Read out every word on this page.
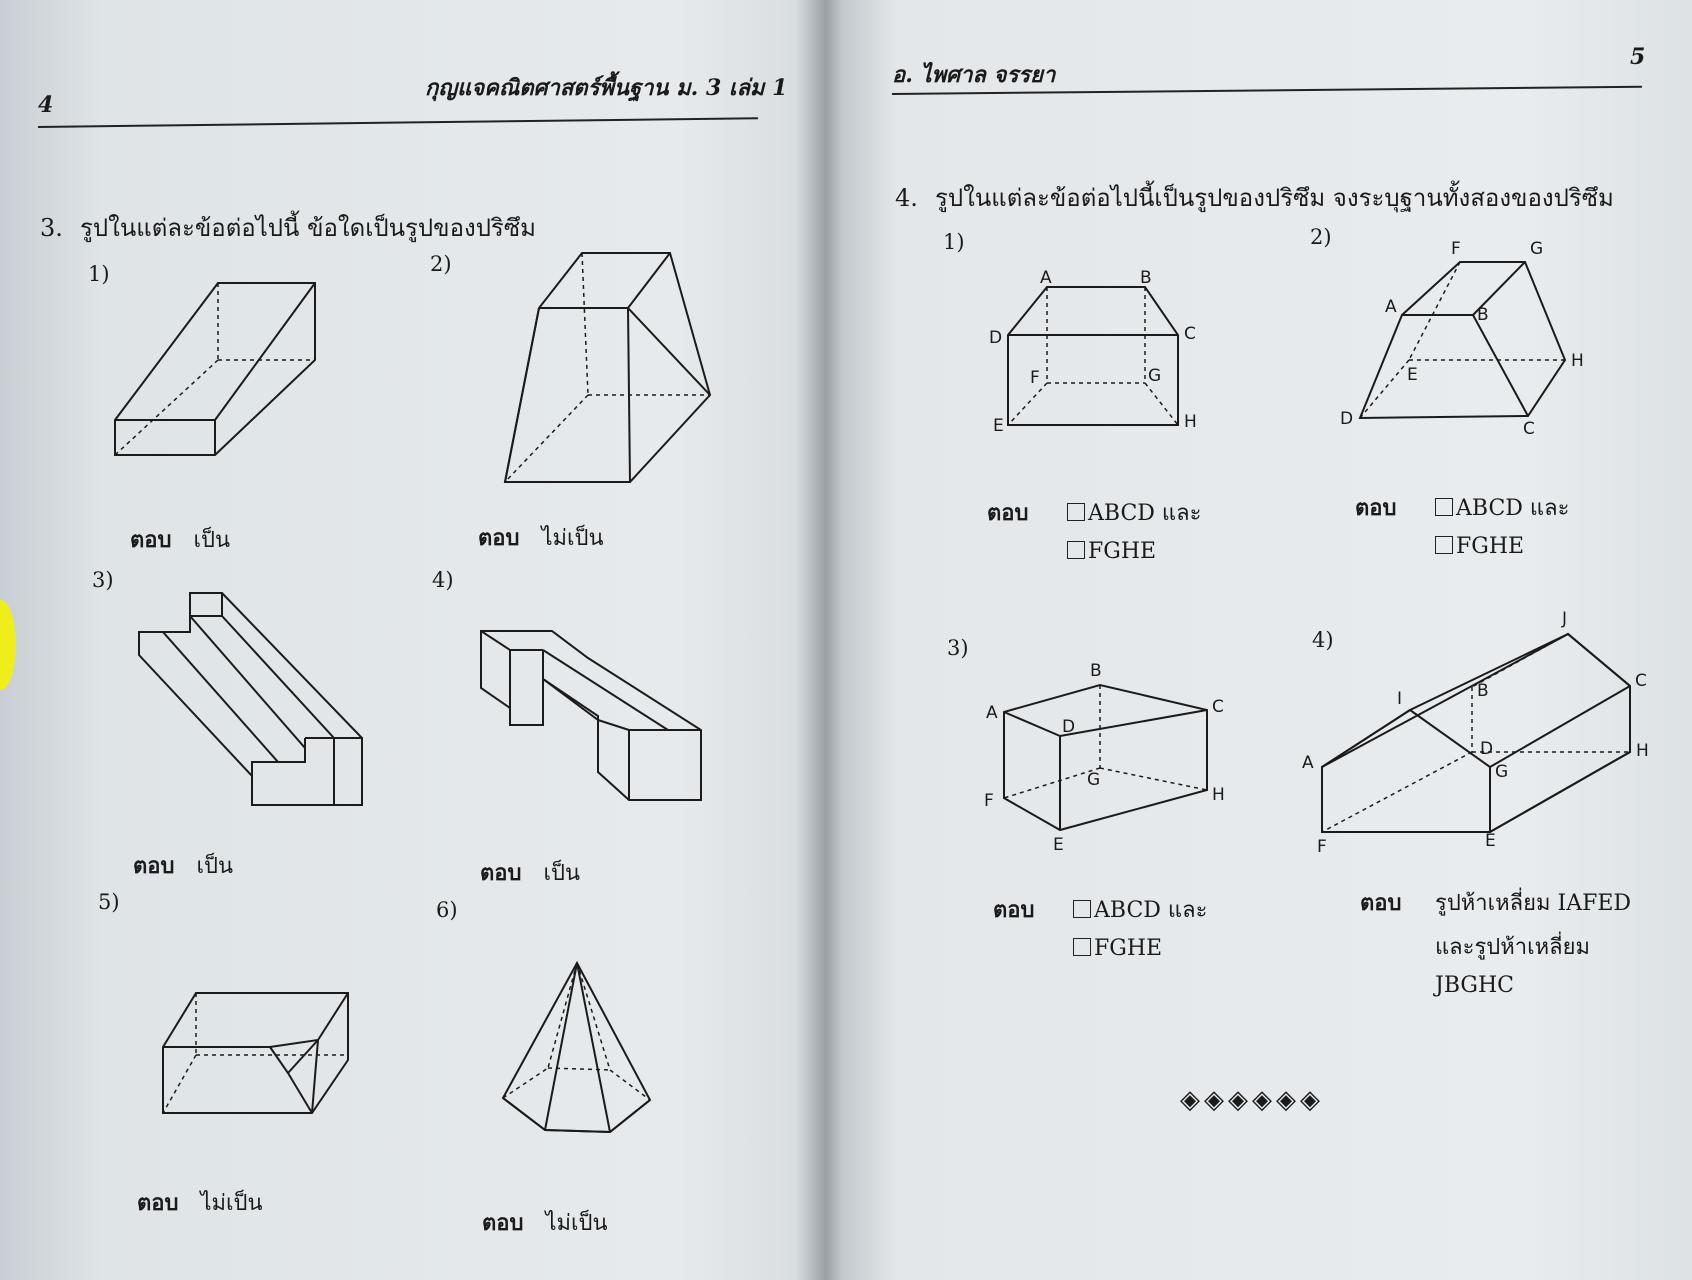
4
กุญแจคณิตศาสตร์พื้นฐาน ม. 3 เล่ม 1
3. รูปในแต่ละข้อต่อไปนี้ ข้อใดเป็นรูปของปริซึม
1)
ตอบ เป็น
2)
ตอบ ไม่เป็น
3)
ตอบ เป็น
4)
ตอบ เป็น
5)
ตอบ ไม่เป็น
6)
ตอบ ไม่เป็น
อ. ไพศาล จรรยา
5
4. รูปในแต่ละข้อต่อไปนี้เป็นรูปของปริซึม จงระบุฐานทั้งสองของปริซึม
1)
A	B
C
D
E
F	G
H
ตอบ	ABCD และ
FGHE
2)
A	B
C
D
E
F	G
H
ตอบ	ABCD และ
FGHE
3)
A
B
C
D
E
F
G
H
ตอบ	ABCD และ
FGHE
4)
A
B	C
D
E
F
G
H
I
J
ตอบ รูปห้าเหลี่ยม IAFED
และรูปห้าเหลี่ยม
JBGHC
◈◈◈◈◈◈
